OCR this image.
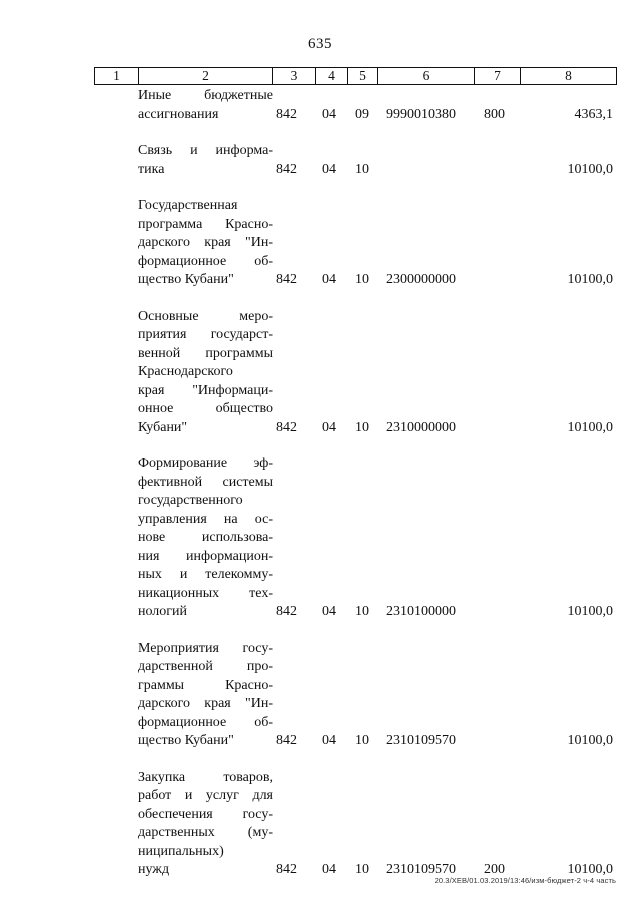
635
1	2	3	4	5	6	7	8
Иные бюджетные
ассигнования	842 04 09 9990010380 800	4363,1
Связь и информа-
тика	842 04 10	10100,0
Государственная
программа Красно-
дарского края "Ин-
формационное об-
щество Кубани"	842 04 10 2300000000	10100,0
Основные меро-
приятия государст-
венной программы
Краснодарского
края "Информаци-
онное общество
Кубани"	842 04 10 2310000000	10100,0
Формирование эф-
фективной системы
государственного
управления на ос-
нове использова-
ния информацион-
ных и телекомму-
никационных тех-
нологий	842 04 10 2310100000	10100,0
Мероприятия госу-
дарственной про-
граммы Красно-
дарского края "Ин-
формационное об-
щество Кубани"	842 04 10 2310109570	10100,0
Закупка товаров,
работ и услуг для
обеспечения госу-
дарственных (му-
ниципальных)
нужд	842 04 10 2310109570 200	10100,0
20.3/ХЕВ/01.03.2019/13:46/изм-бюджет-2 ч-4 часть
